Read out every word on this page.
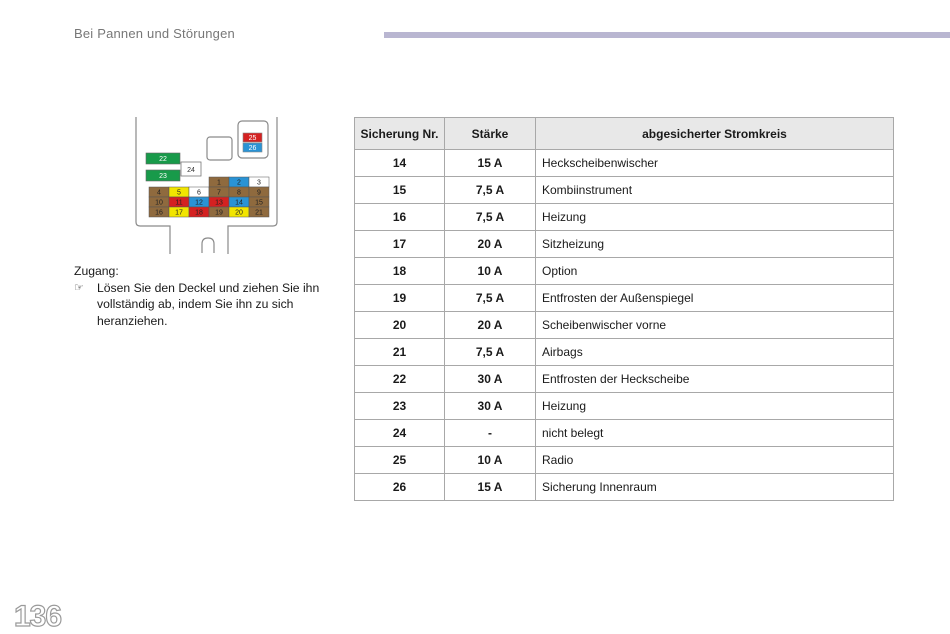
Bei Pannen und Störungen
25
26
22
23
24
1 2 3
4 5 6 7 8 9
10 11 12 13 14 15
16 17 18 19 20 21
Zugang:
☞	Lösen Sie den Deckel und ziehen Sie ihn vollständig ab, indem Sie ihn zu sich heranziehen.
Sicherung Nr.	Stärke	abgesicherter Stromkreis
14	15 A	Heckscheibenwischer
15	7,5 A	Kombiinstrument
16	7,5 A	Heizung
17	20 A	Sitzheizung
18	10 A	Option
19	7,5 A	Entfrosten der Außenspiegel
20	20 A	Scheibenwischer vorne
21	7,5 A	Airbags
22	30 A	Entfrosten der Heckscheibe
23	30 A	Heizung
24	-	nicht belegt
25	10 A	Radio
26	15 A	Sicherung Innenraum
136
